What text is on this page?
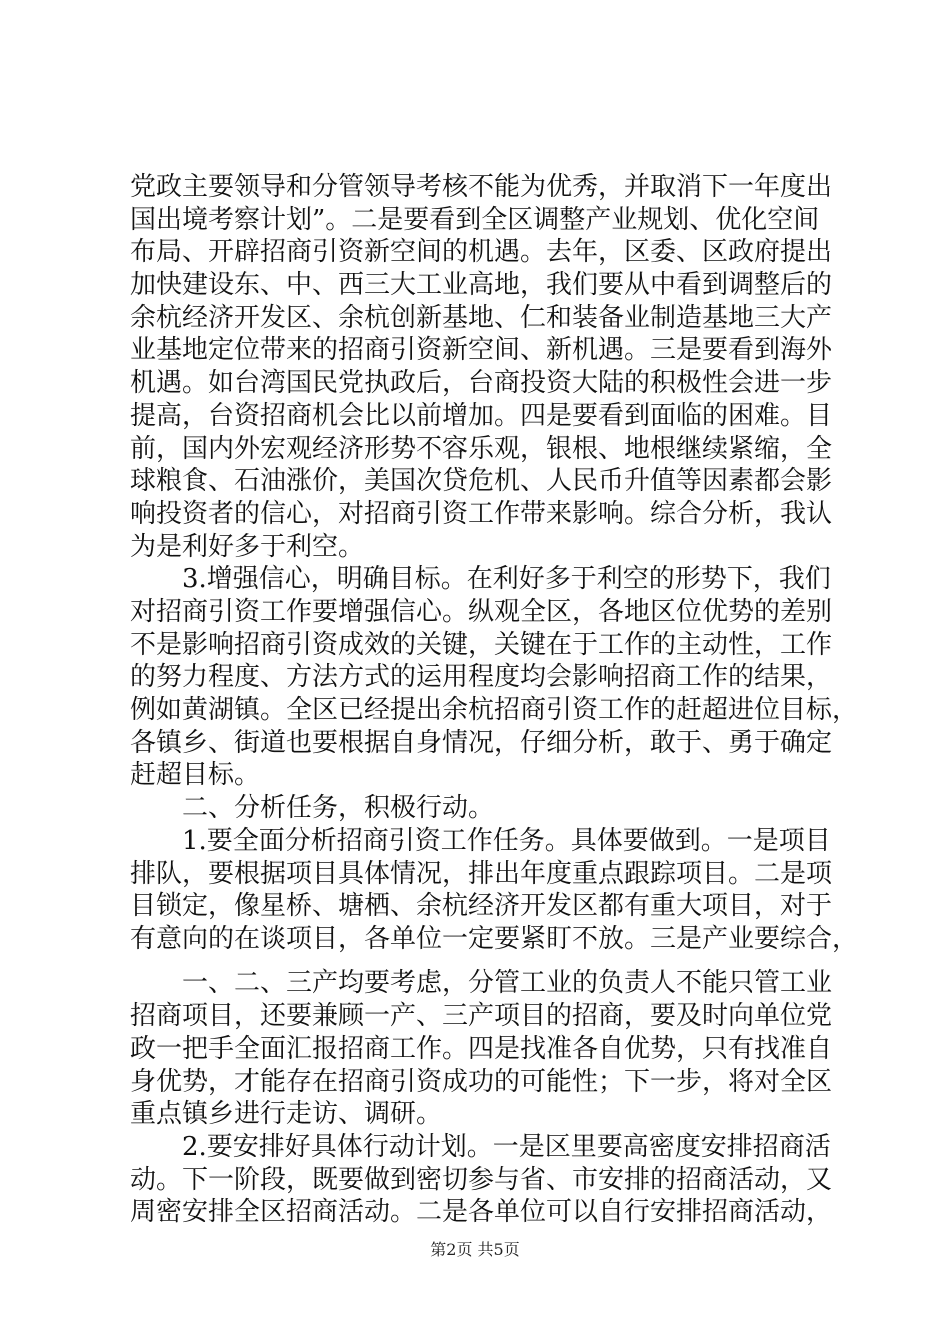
党政主要领导和分管领导考核不能为优秀，并取消下一年度出
国出境考察计划”。二是要看到全区调整产业规划、优化空间
布局、开辟招商引资新空间的机遇。去年，区委、区政府提出
加快建设东、中、西三大工业高地，我们要从中看到调整后的
余杭经济开发区、余杭创新基地、仁和装备业制造基地三大产
业基地定位带来的招商引资新空间、新机遇。三是要看到海外
机遇。如台湾国民党执政后，台商投资大陆的积极性会进一步
提高，台资招商机会比以前增加。四是要看到面临的困难。目
前，国内外宏观经济形势不容乐观，银根、地根继续紧缩，全
球粮食、石油涨价，美国次贷危机、人民币升值等因素都会影
响投资者的信心，对招商引资工作带来影响。综合分析，我认
为是利好多于利空。
3.增强信心，明确目标。在利好多于利空的形势下，我们
对招商引资工作要增强信心。纵观全区，各地区位优势的差别
不是影响招商引资成效的关键，关键在于工作的主动性，工作
的努力程度、方法方式的运用程度均会影响招商工作的结果，
例如黄湖镇。全区已经提出余杭招商引资工作的赶超进位目标，
各镇乡、街道也要根据自身情况，仔细分析，敢于、勇于确定
赶超目标。
二、分析任务，积极行动。
1.要全面分析招商引资工作任务。具体要做到。一是项目
排队，要根据项目具体情况，排出年度重点跟踪项目。二是项
目锁定，像星桥、塘栖、余杭经济开发区都有重大项目，对于
有意向的在谈项目，各单位一定要紧盯不放。三是产业要综合，
一、二、三产均要考虑，分管工业的负责人不能只管工业
招商项目，还要兼顾一产、三产项目的招商，要及时向单位党
政一把手全面汇报招商工作。四是找准各自优势，只有找准自
身优势，才能存在招商引资成功的可能性；下一步，将对全区
重点镇乡进行走访、调研。
2.要安排好具体行动计划。一是区里要高密度安排招商活
动。下一阶段，既要做到密切参与省、市安排的招商活动，又
周密安排全区招商活动。二是各单位可以自行安排招商活动，
第2页 共5页
